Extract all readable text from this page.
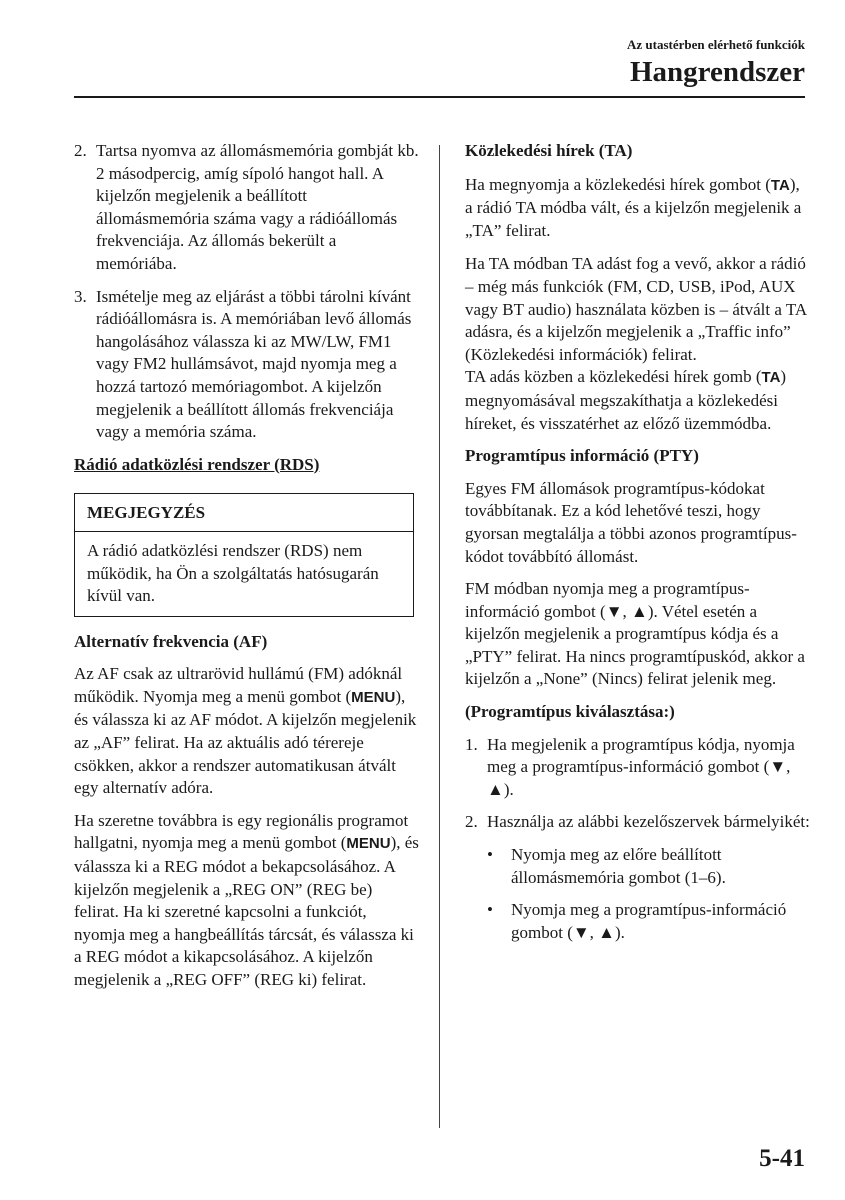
Az utastérben elérhető funkciók
Hangrendszer
2. Tartsa nyomva az állomásmemória gombját kb. 2 másodpercig, amíg sípoló hangot hall. A kijelzőn megjelenik a beállított állomásmemória száma vagy a rádióállomás frekvenciája. Az állomás bekerült a memóriába.
3. Ismételje meg az eljárást a többi tárolni kívánt rádióállomásra is. A memóriában levő állomás hangolásához válassza ki az MW/LW, FM1 vagy FM2 hullámsávot, majd nyomja meg a hozzá tartozó memóriagombot. A kijelzőn megjelenik a beállított állomás frekvenciája vagy a memória száma.

Rádió adatközlési rendszer (RDS)

MEGJEGYZÉS
A rádió adatközlési rendszer (RDS) nem működik, ha Ön a szolgáltatás hatósugarán kívül van.

Alternatív frekvencia (AF)

Az AF csak az ultrarövid hullámú (FM) adóknál működik. Nyomja meg a menü gombot (MENU), és válassza ki az AF módot. A kijelzőn megjelenik az „AF” felirat. Ha az aktuális adó térereje csökken, akkor a rendszer automatikusan átvált egy alternatív adóra.

Ha szeretne továbbra is egy regionális programot hallgatni, nyomja meg a menü gombot (MENU), és válassza ki a REG módot a bekapcsolásához. A kijelzőn megjelenik a „REG ON” (REG be) felirat. Ha ki szeretné kapcsolni a funkciót, nyomja meg a hangbeállítás tárcsát, és válassza ki a REG módot a kikapcsolásához. A kijelzőn megjelenik a „REG OFF” (REG ki) felirat.

Közlekedési hírek (TA)

Ha megnyomja a közlekedési hírek gombot (TA), a rádió TA módba vált, és a kijelzőn megjelenik a „TA” felirat.

Ha TA módban TA adást fog a vevő, akkor a rádió – még más funkciók (FM, CD, USB, iPod, AUX vagy BT audio) használata közben is – átvált a TA adásra, és a kijelzőn megjelenik a „Traffic info” (Közlekedési információk) felirat.

TA adás közben a közlekedési hírek gomb (TA) megnyomásával megszakíthatja a közlekedési híreket, és visszatérhet az előző üzemmódba.

Programtípus információ (PTY)

Egyes FM állomások programtípus-kódokat továbbítanak. Ez a kód lehetővé teszi, hogy gyorsan megtalálja a többi azonos programtípus-kódot továbbító állomást.

FM módban nyomja meg a programtípus-információ gombot (▼, ▲). Vétel esetén a kijelzőn megjelenik a programtípus kódja és a „PTY” felirat. Ha nincs programtípuskód, akkor a kijelzőn a „None” (Nincs) felirat jelenik meg.

(Programtípus kiválasztása:)

1. Ha megjelenik a programtípus kódja, nyomja meg a programtípus-információ gombot (▼, ▲).
2. Használja az alábbi kezelőszervek bármelyikét:
• Nyomja meg az előre beállított állomásmemória gombot (1–6).
• Nyomja meg a programtípus-információ gombot (▼, ▲).
5-41
